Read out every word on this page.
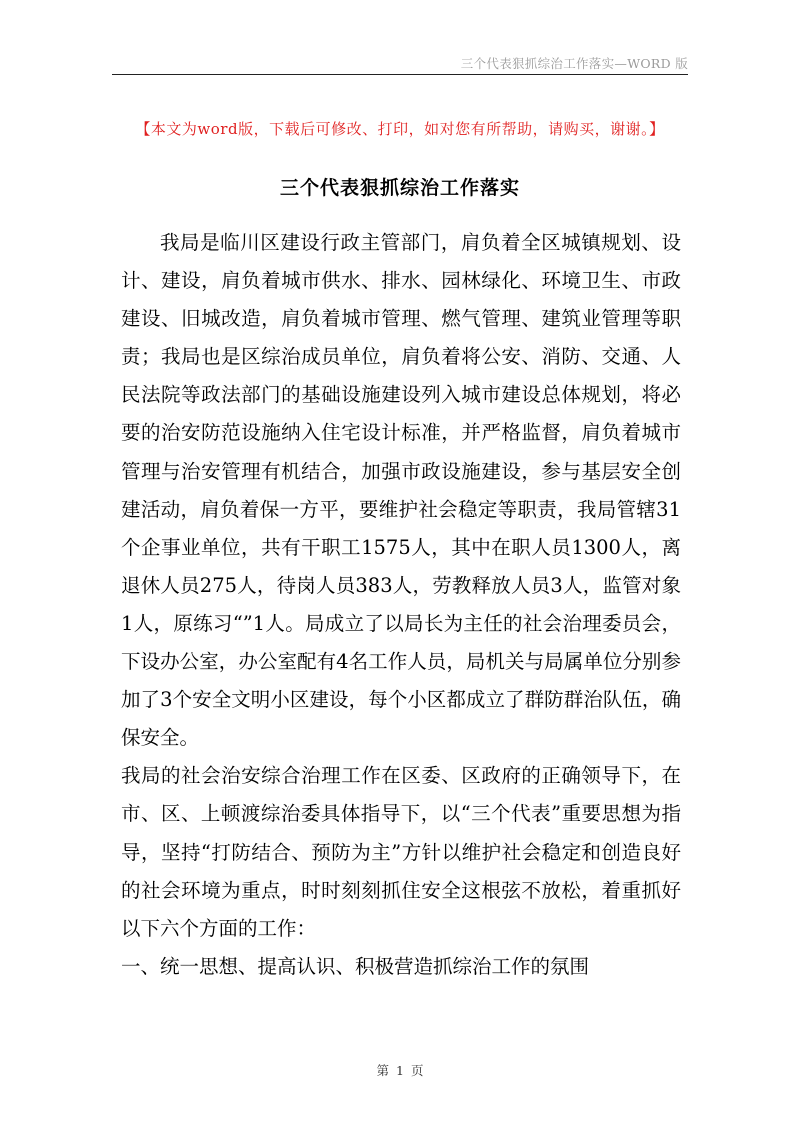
三个代表狠抓综治工作落实—WORD 版
【本文为word版，下载后可修改、打印，如对您有所帮助，请购买，谢谢。】
三个代表狠抓综治工作落实

我局是临川区建设行政主管部门，肩负着全区城镇规划、设计、建设，肩负着城市供水、排水、园林绿化、环境卫生、市政建设、旧城改造，肩负着城市管理、燃气管理、建筑业管理等职责；我局也是区综治成员单位，肩负着将公安、消防、交通、人民法院等政法部门的基础设施建设列入城市建设总体规划，将必要的治安防范设施纳入住宅设计标准，并严格监督，肩负着城市管理与治安管理有机结合，加强市政设施建设，参与基层安全创建活动，肩负着保一方平，要维护社会稳定等职责，我局管辖31个企事业单位，共有干职工1575人，其中在职人员1300人，离退休人员275人，待岗人员383人，劳教释放人员3人，监管对象1人，原练习“”1人。局成立了以局长为主任的社会治理委员会，下设办公室，办公室配有4名工作人员，局机关与局属单位分别参加了3个安全文明小区建设，每个小区都成立了群防群治队伍，确保安全。

我局的社会治安综合治理工作在区委、区政府的正确领导下，在市、区、上顿渡综治委具体指导下，以“三个代表”重要思想为指导，坚持“打防结合、预防为主”方针以维护社会稳定和创造良好的社会环境为重点，时时刻刻抓住安全这根弦不放松，着重抓好以下六个方面的工作：

一、统一思想、提高认识、积极营造抓综治工作的氛围

第 1 页
